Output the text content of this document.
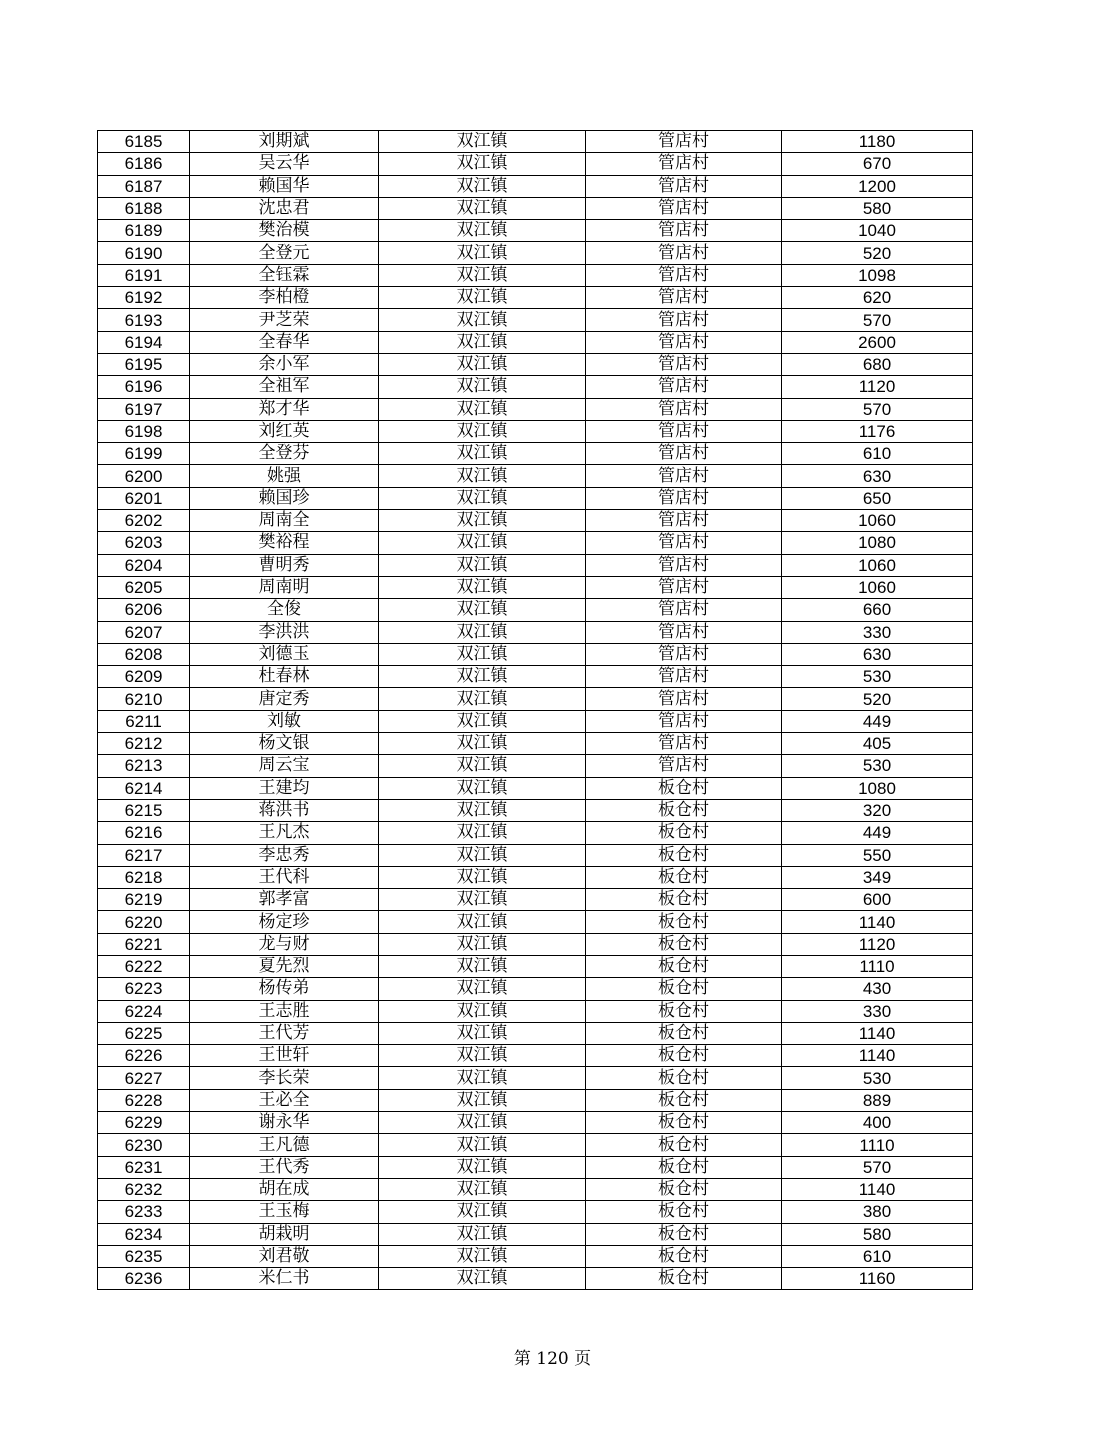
6185	刘期斌	双江镇	管店村	1180
6186	吴云华	双江镇	管店村	670
6187	赖国华	双江镇	管店村	1200
6188	沈忠君	双江镇	管店村	580
6189	樊治模	双江镇	管店村	1040
6190	全登元	双江镇	管店村	520
6191	全钰霖	双江镇	管店村	1098
6192	李柏橙	双江镇	管店村	620
6193	尹芝荣	双江镇	管店村	570
6194	全春华	双江镇	管店村	2600
6195	余小军	双江镇	管店村	680
6196	全祖军	双江镇	管店村	1120
6197	郑才华	双江镇	管店村	570
6198	刘红英	双江镇	管店村	1176
6199	全登芬	双江镇	管店村	610
6200	姚强	双江镇	管店村	630
6201	赖国珍	双江镇	管店村	650
6202	周南全	双江镇	管店村	1060
6203	樊裕程	双江镇	管店村	1080
6204	曹明秀	双江镇	管店村	1060
6205	周南明	双江镇	管店村	1060
6206	全俊	双江镇	管店村	660
6207	李洪洪	双江镇	管店村	330
6208	刘德玉	双江镇	管店村	630
6209	杜春林	双江镇	管店村	530
6210	唐定秀	双江镇	管店村	520
6211	刘敏	双江镇	管店村	449
6212	杨文银	双江镇	管店村	405
6213	周云宝	双江镇	管店村	530
6214	王建均	双江镇	板仓村	1080
6215	蒋洪书	双江镇	板仓村	320
6216	王凡杰	双江镇	板仓村	449
6217	李忠秀	双江镇	板仓村	550
6218	王代科	双江镇	板仓村	349
6219	郭孝富	双江镇	板仓村	600
6220	杨定珍	双江镇	板仓村	1140
6221	龙与财	双江镇	板仓村	1120
6222	夏先烈	双江镇	板仓村	1110
6223	杨传弟	双江镇	板仓村	430
6224	王志胜	双江镇	板仓村	330
6225	王代芳	双江镇	板仓村	1140
6226	王世轩	双江镇	板仓村	1140
6227	李长荣	双江镇	板仓村	530
6228	王必全	双江镇	板仓村	889
6229	谢永华	双江镇	板仓村	400
6230	王凡德	双江镇	板仓村	1110
6231	王代秀	双江镇	板仓村	570
6232	胡在成	双江镇	板仓村	1140
6233	王玉梅	双江镇	板仓村	380
6234	胡栽明	双江镇	板仓村	580
6235	刘君敬	双江镇	板仓村	610
6236	米仁书	双江镇	板仓村	1160
第 120 页
